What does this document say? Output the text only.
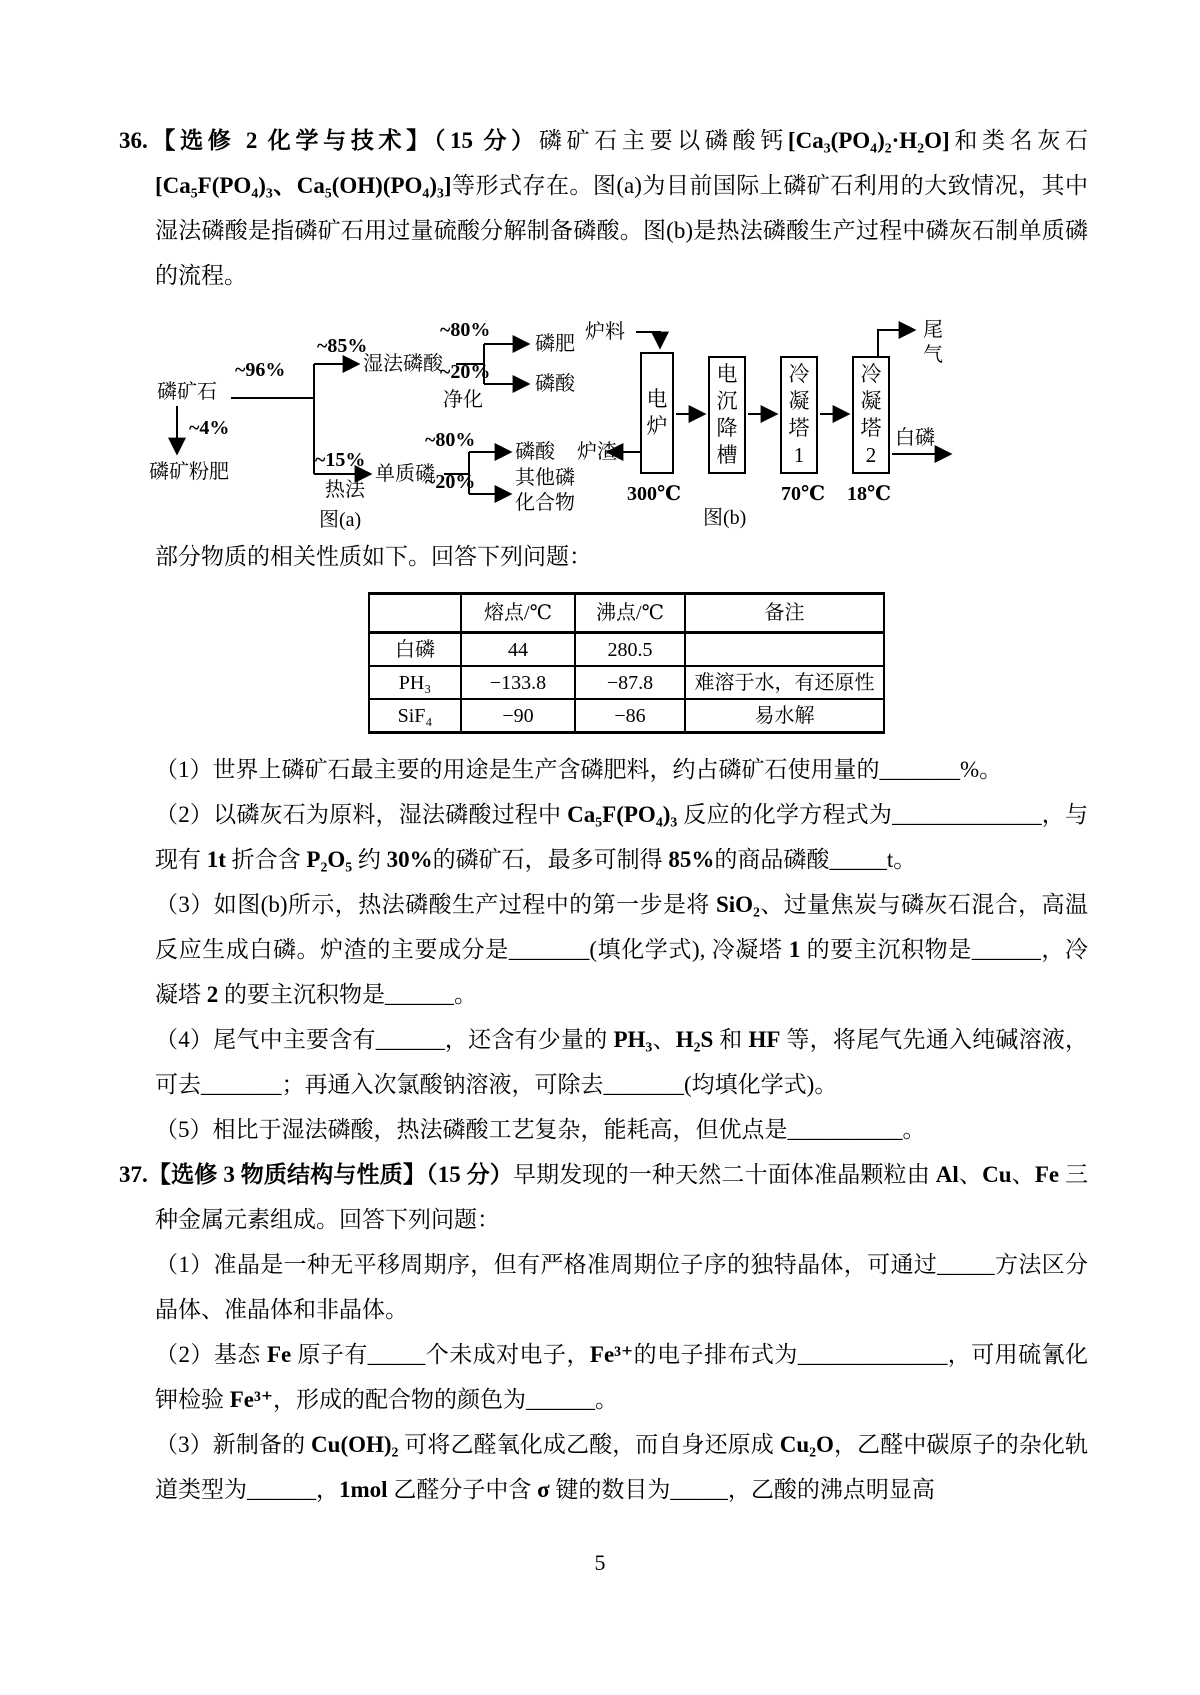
36.【选修 2 化学与技术】（15 分）磷矿石主要以磷酸钙[Ca₃(PO₄)₂·H₂O]和类名灰石[Ca₅F(PO₄)₃、Ca₅(OH)(PO₄)₃]等形式存在。图(a)为目前国际上磷矿石利用的大致情况，其中湿法磷酸是指磷矿石用过量硫酸分解制备磷酸。图(b)是热法磷酸生产过程中磷灰石制单质磷的流程。
磷矿石
~96%
~85%
湿法磷酸
~80%
磷肥
~20%
磷酸
净化
~4%
磷矿粉肥
~15%
热法
单质磷
~80%
磷酸
~20% 其他磷化合物
图(a)
电炉
电沉降槽
冷凝塔1
冷凝塔2
炉料
炉渣
300℃	70℃ 18℃
尾气
白磷
图(b)
部分物质的相关性质如下。回答下列问题：
	熔点/℃	沸点/℃	备注
白磷	44	280.5	
PH₃	−133.8	−87.8	难溶于水，有还原性
SiF₄	−90	−86	易水解
（1）世界上磷矿石最主要的用途是生产含磷肥料，约占磷矿石使用量的_______%。
（2）以磷灰石为原料，湿法磷酸过程中 Ca₅F(PO₄)₃ 反应的化学方程式为_____________，与现有 1t 折合含 P₂O₅ 约 30%的磷矿石，最多可制得 85%的商品磷酸_____t。
（3）如图(b)所示，热法磷酸生产过程中的第一步是将 SiO₂、过量焦炭与磷灰石混合，高温反应生成白磷。炉渣的主要成分是_______(填化学式), 冷凝塔 1 的要主沉积物是______，冷凝塔 2 的要主沉积物是______。
（4）尾气中主要含有______，还含有少量的 PH₃、H₂S 和 HF 等，将尾气先通入纯碱溶液，可去_______；再通入次氯酸钠溶液，可除去_______(均填化学式)。
（5）相比于湿法磷酸，热法磷酸工艺复杂，能耗高，但优点是__________。
37.【选修 3 物质结构与性质】（15 分）早期发现的一种天然二十面体准晶颗粒由 Al、Cu、Fe 三种金属元素组成。回答下列问题：
（1）准晶是一种无平移周期序，但有严格准周期位子序的独特晶体，可通过_____方法区分晶体、准晶体和非晶体。
（2）基态 Fe 原子有_____个未成对电子，Fe³⁺的电子排布式为_____________，可用硫氰化钾检验 Fe³⁺，形成的配合物的颜色为______。
（3）新制备的 Cu(OH)₂ 可将乙醛氧化成乙酸，而自身还原成 Cu₂O，乙醛中碳原子的杂化轨道类型为______，1mol 乙醛分子中含 σ 键的数目为_____，乙酸的沸点明显高
5
